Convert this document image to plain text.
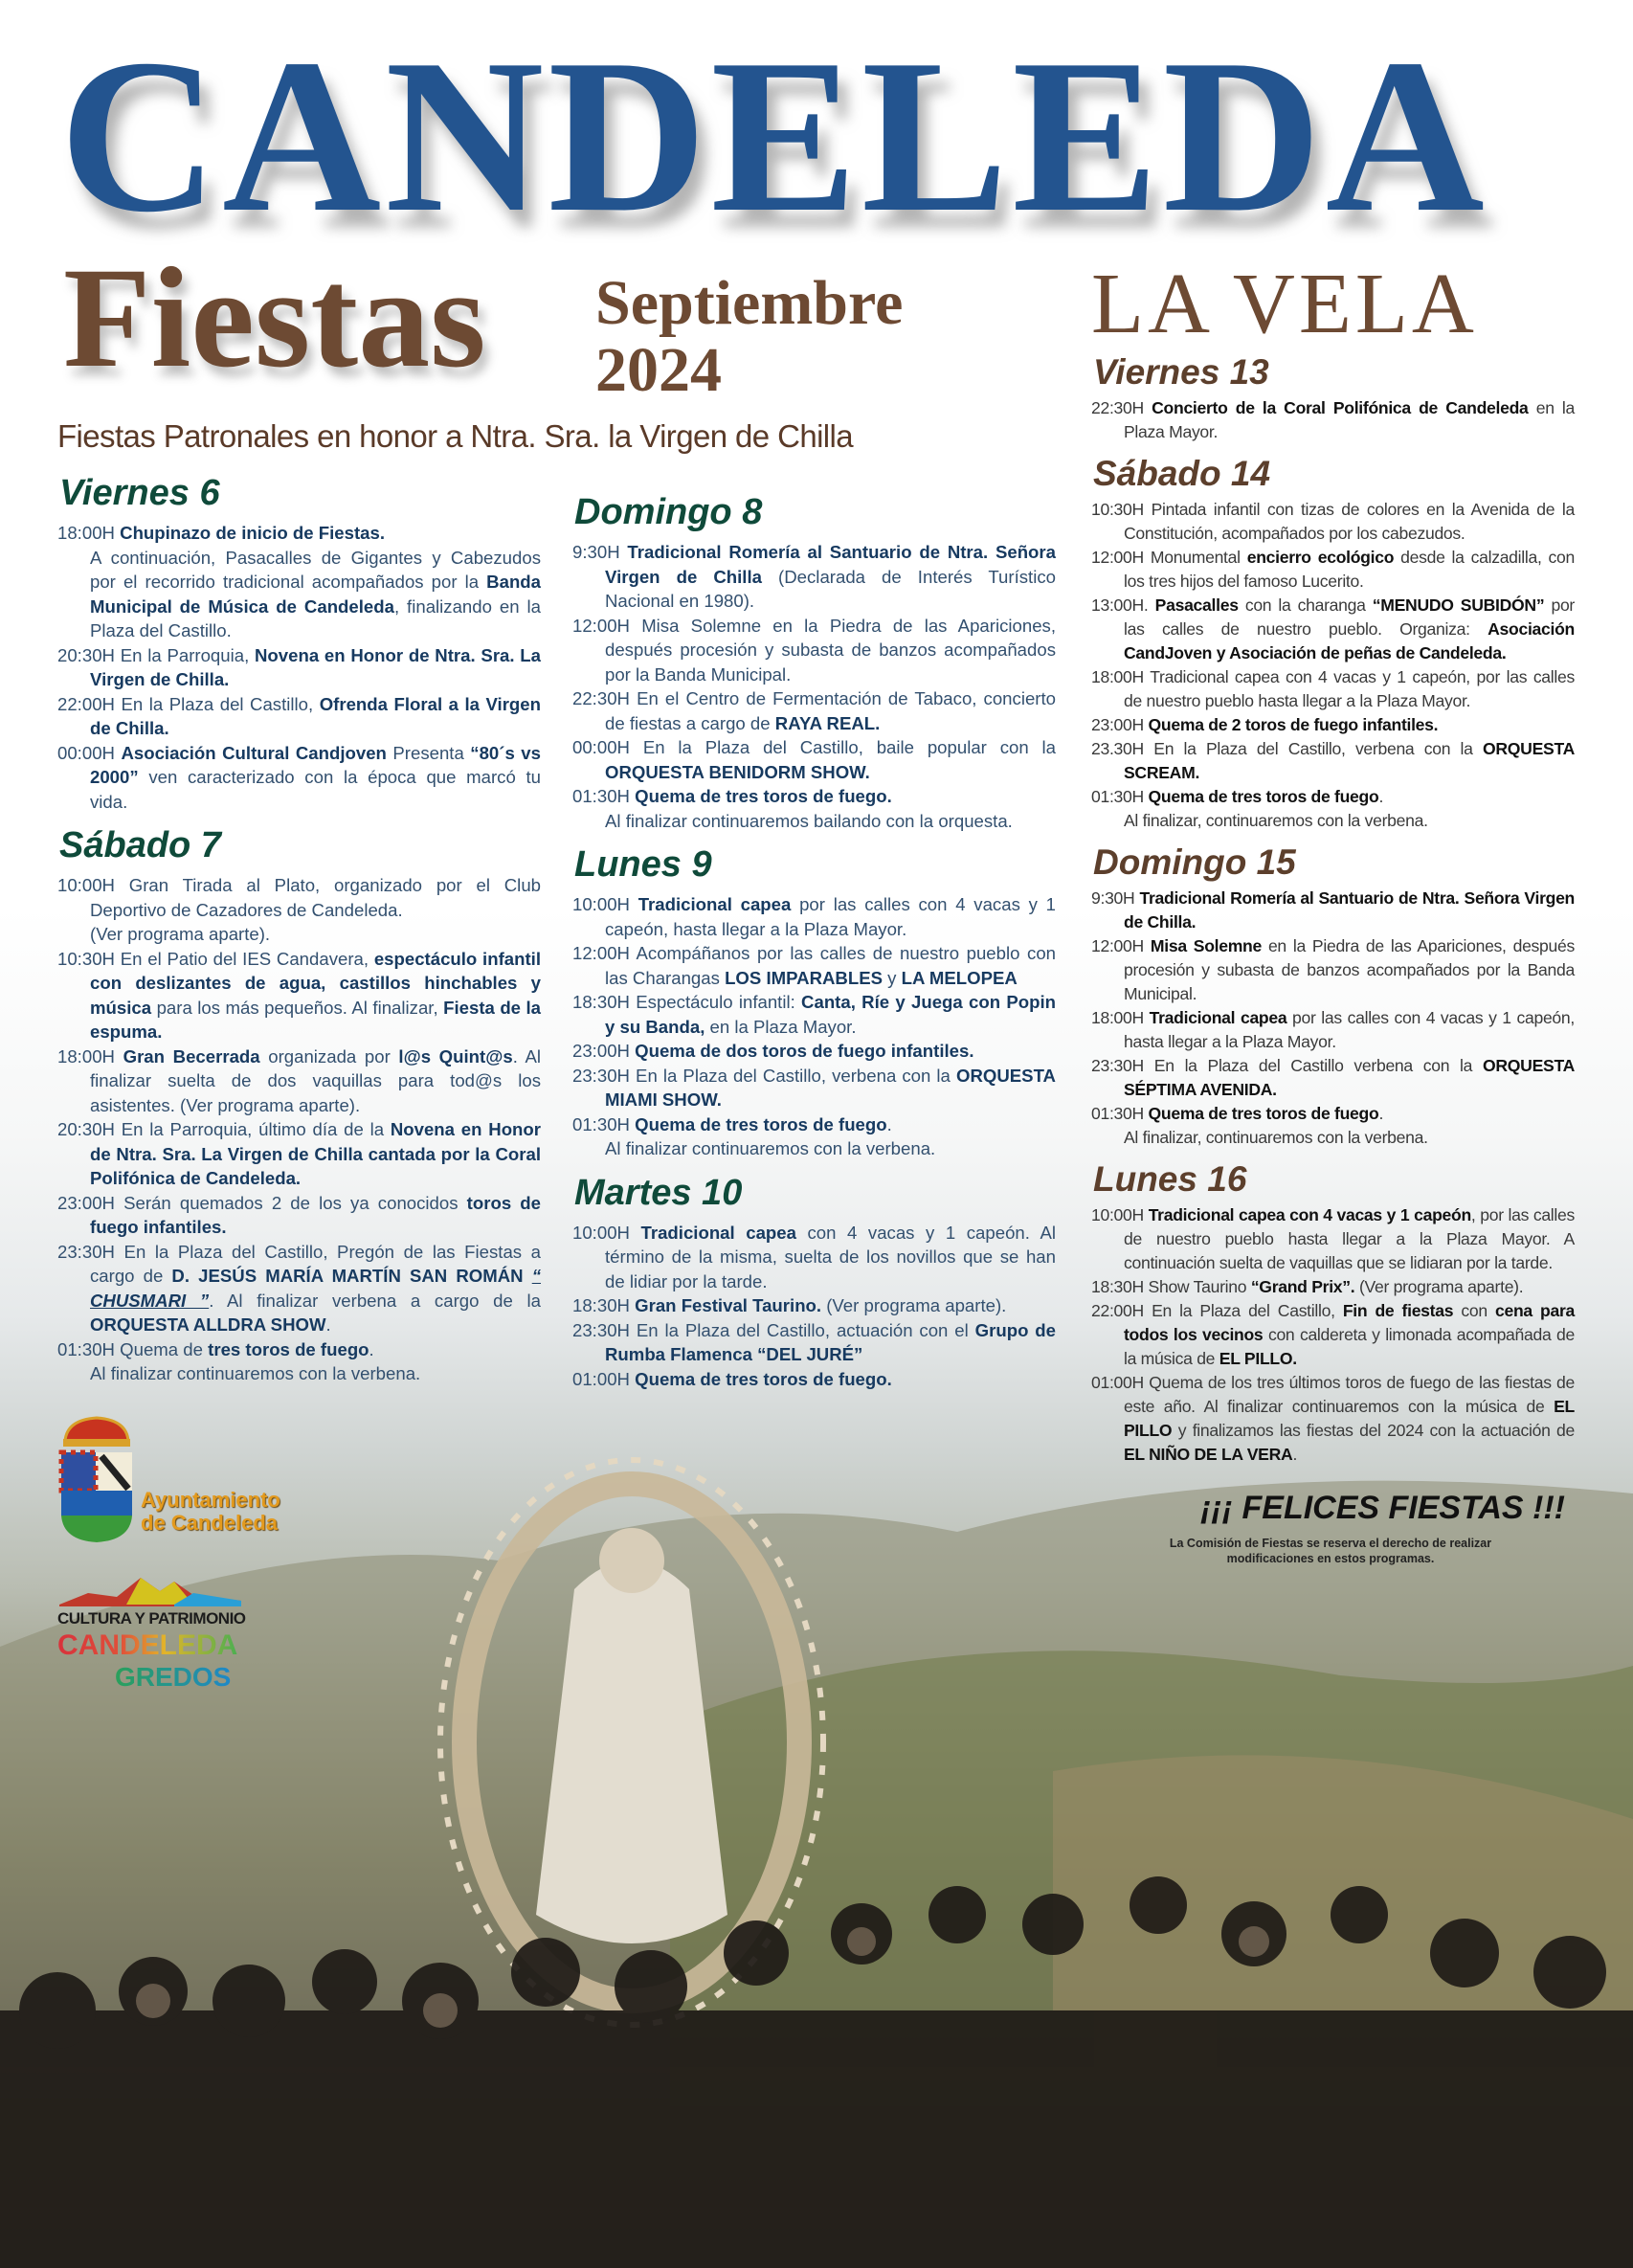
CANDELEDA
Fiestas Septiembre
2024
LA VELA
Fiestas Patronales en honor a Ntra. Sra. la Virgen de Chilla
Viernes 6

18:00H Chupinazo de inicio de Fiestas.

A continuación, Pasacalles de Gigantes y Cabezudos por el recorrido tradicional acompañados por la Banda Municipal de Música de Candeleda, finalizando en la Plaza del Castillo.

20:30H En la Parroquia, Novena en Honor de Ntra. Sra. La Virgen de Chilla.

22:00H En la Plaza del Castillo, Ofrenda Floral a la Virgen de Chilla.

00:00H Asociación Cultural Candjoven Presenta “80´s vs 2000” ven caracterizado con la época que marcó tu vida.

Sábado 7

10:00H Gran Tirada al Plato, organizado por el Club Deportivo de Cazadores de Candeleda.

(Ver programa aparte).

10:30H En el Patio del IES Candavera, espectáculo infantil con deslizantes de agua, castillos hinchables y música para los más pequeños. Al finalizar, Fiesta de la espuma.

18:00H Gran Becerrada organizada por l@s Quint@s. Al finalizar suelta de dos vaquillas para tod@s los asistentes. (Ver programa aparte).

20:30H En la Parroquia, último día de la Novena en Honor de Ntra. Sra. La Virgen de Chilla cantada por la Coral Polifónica de Candeleda.

23:00H Serán quemados 2 de los ya conocidos toros de fuego infantiles.

23:30H En la Plaza del Castillo, Pregón de las Fiestas a cargo de D. JESÚS MARÍA MARTÍN SAN ROMÁN “ CHUSMARI ”. Al finalizar verbena a cargo de la ORQUESTA ALLDRA SHOW.

01:30H Quema de tres toros de fuego.

Al finalizar continuaremos con la verbena.

Domingo 8

9:30H Tradicional Romería al Santuario de Ntra. Señora Virgen de Chilla (Declarada de Interés Turístico Nacional en 1980).

12:00H Misa Solemne en la Piedra de las Apariciones, después procesión y subasta de banzos acompañados por la Banda Municipal.

22:30H En el Centro de Fermentación de Tabaco, concierto de fiestas a cargo de RAYA REAL.

00:00H En la Plaza del Castillo, baile popular con la ORQUESTA BENIDORM SHOW.

01:30H Quema de tres toros de fuego.

Al finalizar continuaremos bailando con la orquesta.

Lunes 9

10:00H Tradicional capea por las calles con 4 vacas y 1 capeón, hasta llegar a la Plaza Mayor.

12:00H Acompáñanos por las calles de nuestro pueblo con las Charangas LOS IMPARABLES y LA MELOPEA

18:30H Espectáculo infantil: Canta, Ríe y Juega con Popin y su Banda, en la Plaza Mayor.

23:00H Quema de dos toros de fuego infantiles.

23:30H En la Plaza del Castillo, verbena con la ORQUESTA MIAMI SHOW.

01:30H Quema de tres toros de fuego.

Al finalizar continuaremos con la verbena.

Martes 10

10:00H Tradicional capea con 4 vacas y 1 capeón. Al término de la misma, suelta de los novillos que se han de lidiar por la tarde.

18:30H Gran Festival Taurino. (Ver programa aparte).

23:30H En la Plaza del Castillo, actuación con el Grupo de Rumba Flamenca “DEL JURÉ”

01:00H Quema de tres toros de fuego.

Viernes 13

22:30H Concierto de la Coral Polifónica de Candeleda en la Plaza Mayor.

Sábado 14

10:30H Pintada infantil con tizas de colores en la Avenida de la Constitución, acompañados por los cabezudos.

12:00H Monumental encierro ecológico desde la calzadilla, con los tres hijos del famoso Lucerito.

13:00H. Pasacalles con la charanga “MENUDO SUBIDÓN” por las calles de nuestro pueblo. Organiza: Asociación CandJoven y Asociación de peñas de Candeleda.

18:00H Tradicional capea con 4 vacas y 1 capeón, por las calles de nuestro pueblo hasta llegar a la Plaza Mayor.

23:00H Quema de 2 toros de fuego infantiles.

23.30H En la Plaza del Castillo, verbena con la ORQUESTA SCREAM.

01:30H Quema de tres toros de fuego.

Al finalizar, continuaremos con la verbena.

Domingo 15

9:30H Tradicional Romería al Santuario de Ntra. Señora Virgen de Chilla.

12:00H Misa Solemne en la Piedra de las Apariciones, después procesión y subasta de banzos acompañados por la Banda Municipal.

18:00H Tradicional capea por las calles con 4 vacas y 1 capeón, hasta llegar a la Plaza Mayor.

23:30H En la Plaza del Castillo verbena con la ORQUESTA SÉPTIMA AVENIDA.

01:30H Quema de tres toros de fuego.

Al finalizar, continuaremos con la verbena.

Lunes 16

10:00H Tradicional capea con 4 vacas y 1 capeón, por las calles de nuestro pueblo hasta llegar a la Plaza Mayor. A continuación suelta de vaquillas que se lidiaran por la tarde.

18:30H Show Taurino “Grand Prix”. (Ver programa aparte).

22:00H En la Plaza del Castillo, Fin de fiestas con cena para todos los vecinos con caldereta y limonada acompañada de la música de EL PILLO.

01:00H Quema de los tres últimos toros de fuego de las fiestas de este año. Al finalizar continuaremos con la música de EL PILLO y finalizamos las fiestas del 2024 con la actuación de EL NIÑO DE LA VERA.

¡¡¡ FELICES FIESTAS !!!
La Comisión de Fiestas se reserva el derecho de realizar modificaciones en estos programas.
Ayuntamiento
de Candeleda
CULTURA Y PATRIMONIO
CANDELEDA
GREDOS
